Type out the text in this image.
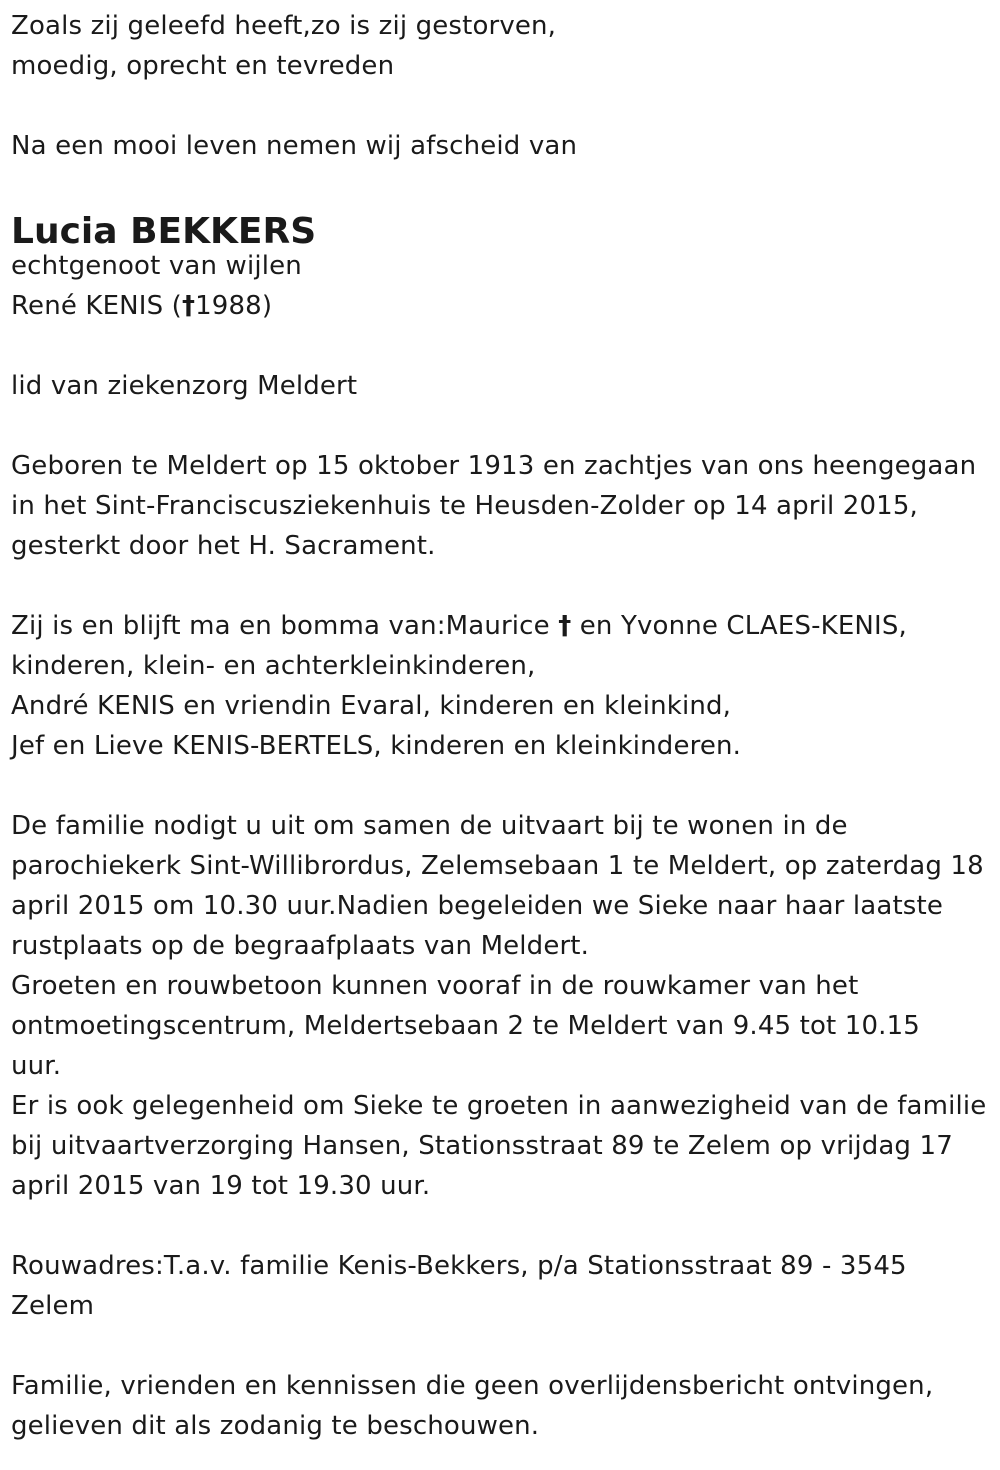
Zoals zij geleefd heeft,zo is zij gestorven,
moedig, oprecht en tevreden
Na een mooi leven nemen wij afscheid van
Lucia BEKKERS
echtgenoot van wijlen
René KENIS (†1988)
lid van ziekenzorg Meldert
Geboren te Meldert op 15 oktober 1913 en zachtjes van ons heengegaan
in het Sint-Franciscusziekenhuis te Heusden-Zolder op 14 april 2015,
gesterkt door het H. Sacrament.
Zij is en blijft ma en bomma van:Maurice † en Yvonne CLAES-KENIS,
kinderen, klein- en achterkleinkinderen,
André KENIS en vriendin Evaral, kinderen en kleinkind,
Jef en Lieve KENIS-BERTELS, kinderen en kleinkinderen.
De familie nodigt u uit om samen de uitvaart bij te wonen in de
parochiekerk Sint-Willibrordus, Zelemsebaan 1 te Meldert, op zaterdag 18
april 2015 om 10.30 uur.Nadien begeleiden we Sieke naar haar laatste
rustplaats op de begraafplaats van Meldert.
Groeten en rouwbetoon kunnen vooraf in de rouwkamer van het
ontmoetingscentrum, Meldertsebaan 2 te Meldert van 9.45 tot 10.15
uur.
Er is ook gelegenheid om Sieke te groeten in aanwezigheid van de familie
bij uitvaartverzorging Hansen, Stationsstraat 89 te Zelem op vrijdag 17
april 2015 van 19 tot 19.30 uur.
Rouwadres:T.a.v. familie Kenis-Bekkers, p/a Stationsstraat 89 - 3545
Zelem
Familie, vrienden en kennissen die geen overlijdensbericht ontvingen,
gelieven dit als zodanig te beschouwen.
